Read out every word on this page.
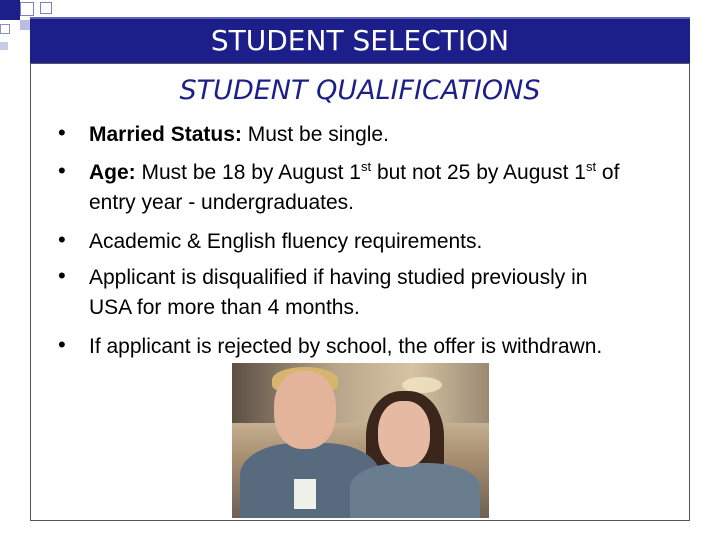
STUDENT SELECTION
STUDENT QUALIFICATIONS
• Married Status: Must be single.
• Age: Must be 18 by August 1st but not 25 by August 1st of entry year - undergraduates.
• Academic & English fluency requirements.
• Applicant is disqualified if having studied previously in USA for more than 4 months.
• If applicant is rejected by school, the offer is withdrawn.
